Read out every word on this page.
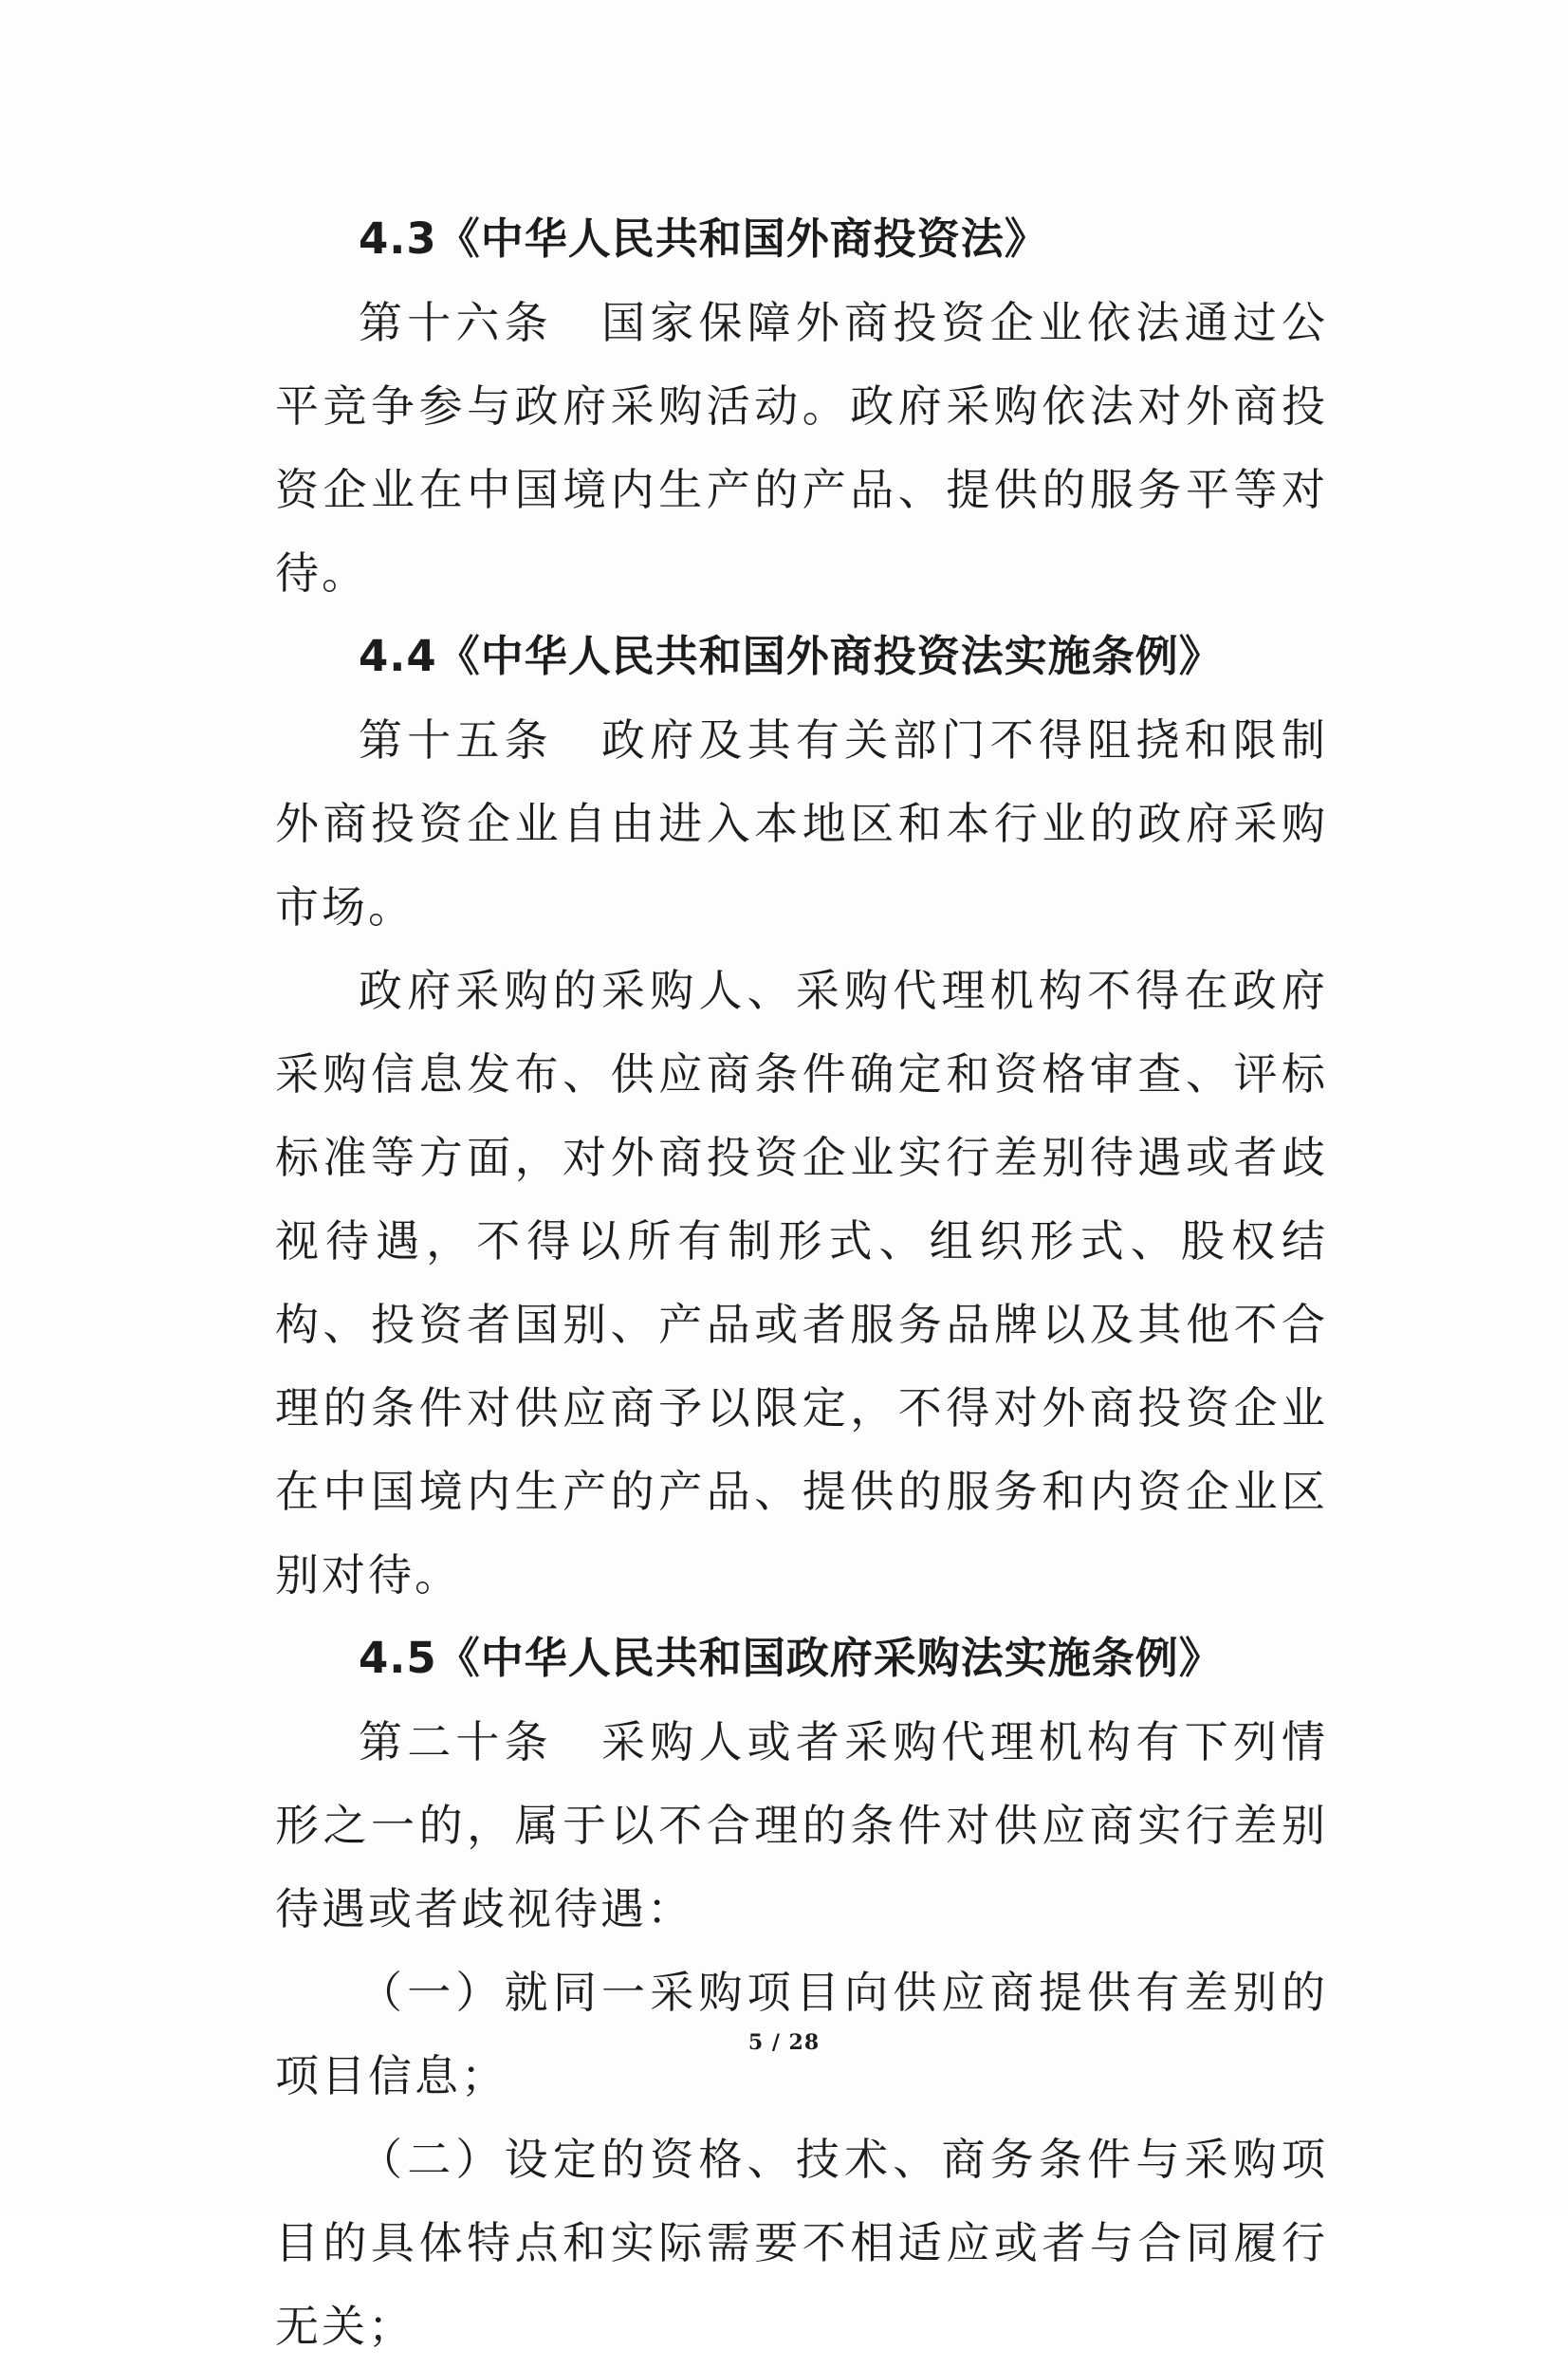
4.3《中华人民共和国外商投资法》

第十六条　国家保障外商投资企业依法通过公平竞争参与政府采购活动。政府采购依法对外商投资企业在中国境内生产的产品、提供的服务平等对待。

4.4《中华人民共和国外商投资法实施条例》

第十五条　政府及其有关部门不得阻挠和限制外商投资企业自由进入本地区和本行业的政府采购市场。

政府采购的采购人、采购代理机构不得在政府采购信息发布、供应商条件确定和资格审查、评标标准等方面，对外商投资企业实行差别待遇或者歧视待遇，不得以所有制形式、组织形式、股权结构、投资者国别、产品或者服务品牌以及其他不合理的条件对供应商予以限定，不得对外商投资企业在中国境内生产的产品、提供的服务和内资企业区别对待。

4.5《中华人民共和国政府采购法实施条例》

第二十条　采购人或者采购代理机构有下列情形之一的，属于以不合理的条件对供应商实行差别待遇或者歧视待遇：

（一）就同一采购项目向供应商提供有差别的项目信息；

（二）设定的资格、技术、商务条件与采购项目的具体特点和实际需要不相适应或者与合同履行无关；

5 / 28
